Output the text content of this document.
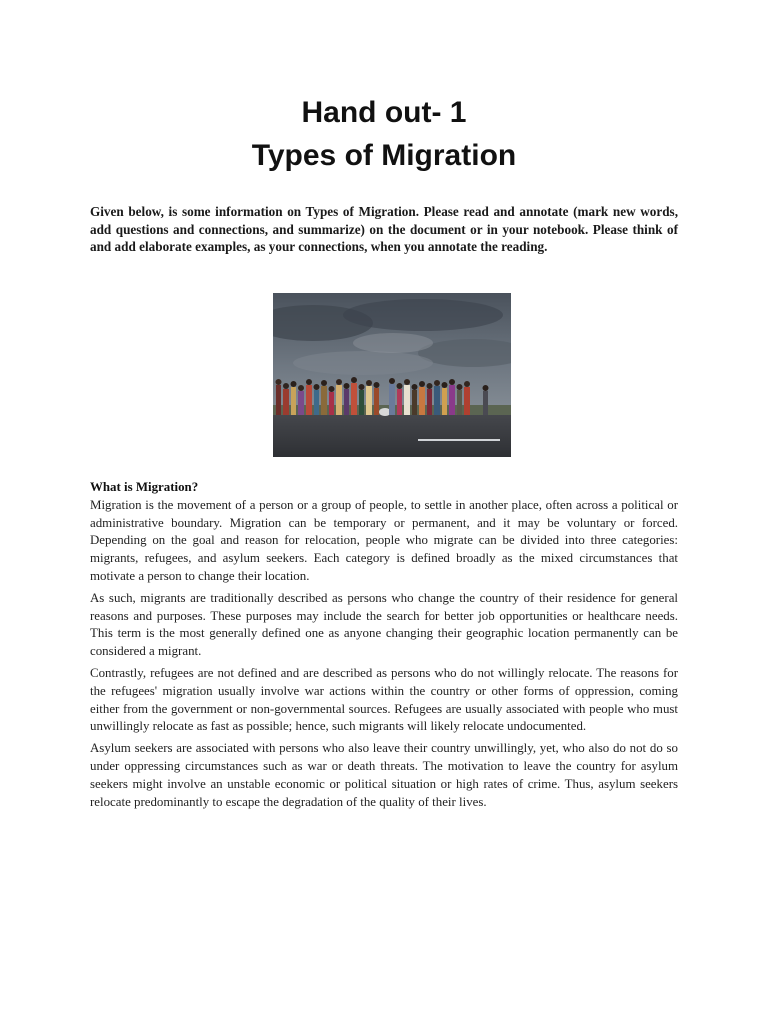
Hand out- 1
Types of Migration

Given below, is some information on Types of Migration. Please read and annotate (mark new words, add questions and connections, and summarize) on the document or in your notebook. Please think of and add elaborate examples, as your connections, when you annotate the reading.

What is Migration?

Migration is the movement of a person or a group of people, to settle in another place, often across a political or administrative boundary. Migration can be temporary or permanent, and it may be voluntary or forced. Depending on the goal and reason for relocation, people who migrate can be divided into three categories: migrants, refugees, and asylum seekers. Each category is defined broadly as the mixed circumstances that motivate a person to change their location.

As such, migrants are traditionally described as persons who change the country of their residence for general reasons and purposes. These purposes may include the search for better job opportunities or healthcare needs. This term is the most generally defined one as anyone changing their geographic location permanently can be considered a migrant.

Contrastly, refugees are not defined and are described as persons who do not willingly relocate. The reasons for the refugees' migration usually involve war actions within the country or other forms of oppression, coming either from the government or non-governmental sources. Refugees are usually associated with people who must unwillingly relocate as fast as possible; hence, such migrants will likely relocate undocumented.

Asylum seekers are associated with persons who also leave their country unwillingly, yet, who also do not do so under oppressing circumstances such as war or death threats. The motivation to leave the country for asylum seekers might involve an unstable economic or political situation or high rates of crime. Thus, asylum seekers relocate predominantly to escape the degradation of the quality of their lives.
